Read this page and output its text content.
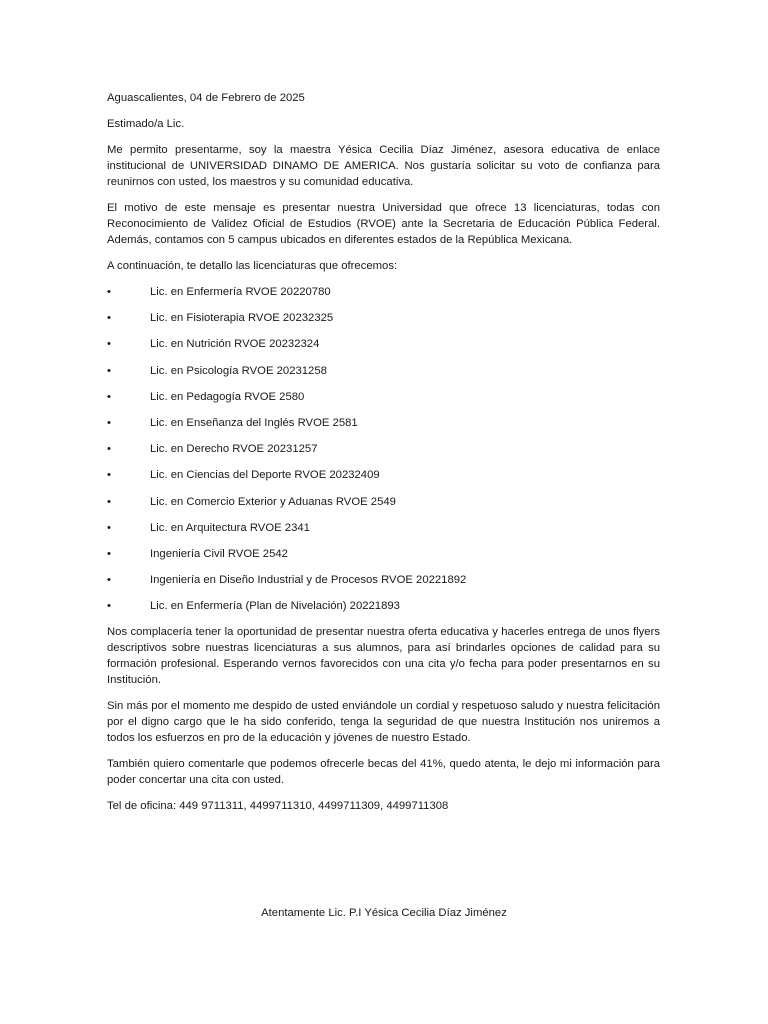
Aguascalientes, 04 de Febrero de 2025

Estimado/a Lic.

Me permito presentarme, soy la maestra Yésica Cecilia Díaz Jiménez, asesora educativa de enlace institucional de UNIVERSIDAD DINAMO DE AMERICA. Nos gustaría solicitar su voto de confianza para reunirnos con usted, los maestros y su comunidad educativa.

El motivo de este mensaje es presentar nuestra Universidad que ofrece 13 licenciaturas, todas con Reconocimiento de Validez Oficial de Estudios (RVOE) ante la Secretaria de Educación Pública Federal. Además, contamos con 5 campus ubicados en diferentes estados de la República Mexicana.

A continuación, te detallo las licenciaturas que ofrecemos:

•	Lic. en Enfermería RVOE 20220780
•	Lic. en Fisioterapia RVOE 20232325
•	Lic. en Nutrición RVOE 20232324
•	Lic. en Psicología RVOE 20231258
•	Lic. en Pedagogía RVOE 2580
•	Lic. en Enseñanza del Inglés RVOE 2581
•	Lic. en Derecho RVOE 20231257
•	Lic. en Ciencias del Deporte RVOE 20232409
•	Lic. en Comercio Exterior y Aduanas RVOE 2549
•	Lic. en Arquitectura RVOE 2341
•	Ingeniería Civil RVOE 2542
•	Ingeniería en Diseño Industrial y de Procesos RVOE 20221892
•	Lic. en Enfermería (Plan de Nivelación) 20221893

Nos complacería tener la oportunidad de presentar nuestra oferta educativa y hacerles entrega de unos flyers descriptivos sobre nuestras licenciaturas a sus alumnos, para así brindarles opciones de calidad para su formación profesional. Esperando vernos favorecidos con una cita y/o fecha para poder presentarnos en su Institución.

Sin más por el momento me despido de usted enviándole un cordial y respetuoso saludo y nuestra felicitación por el digno cargo que le ha sido conferido, tenga la seguridad de que nuestra Institución nos uniremos a todos los esfuerzos en pro de la educación y jóvenes de nuestro Estado.

También quiero comentarle que podemos ofrecerle becas del 41%, quedo atenta, le dejo mi información para poder concertar una cita con usted.

Tel de oficina: 449 9711311, 4499711310, 4499711309, 4499711308

Atentamente Lic. P.I Yésica Cecilia Díaz Jiménez
